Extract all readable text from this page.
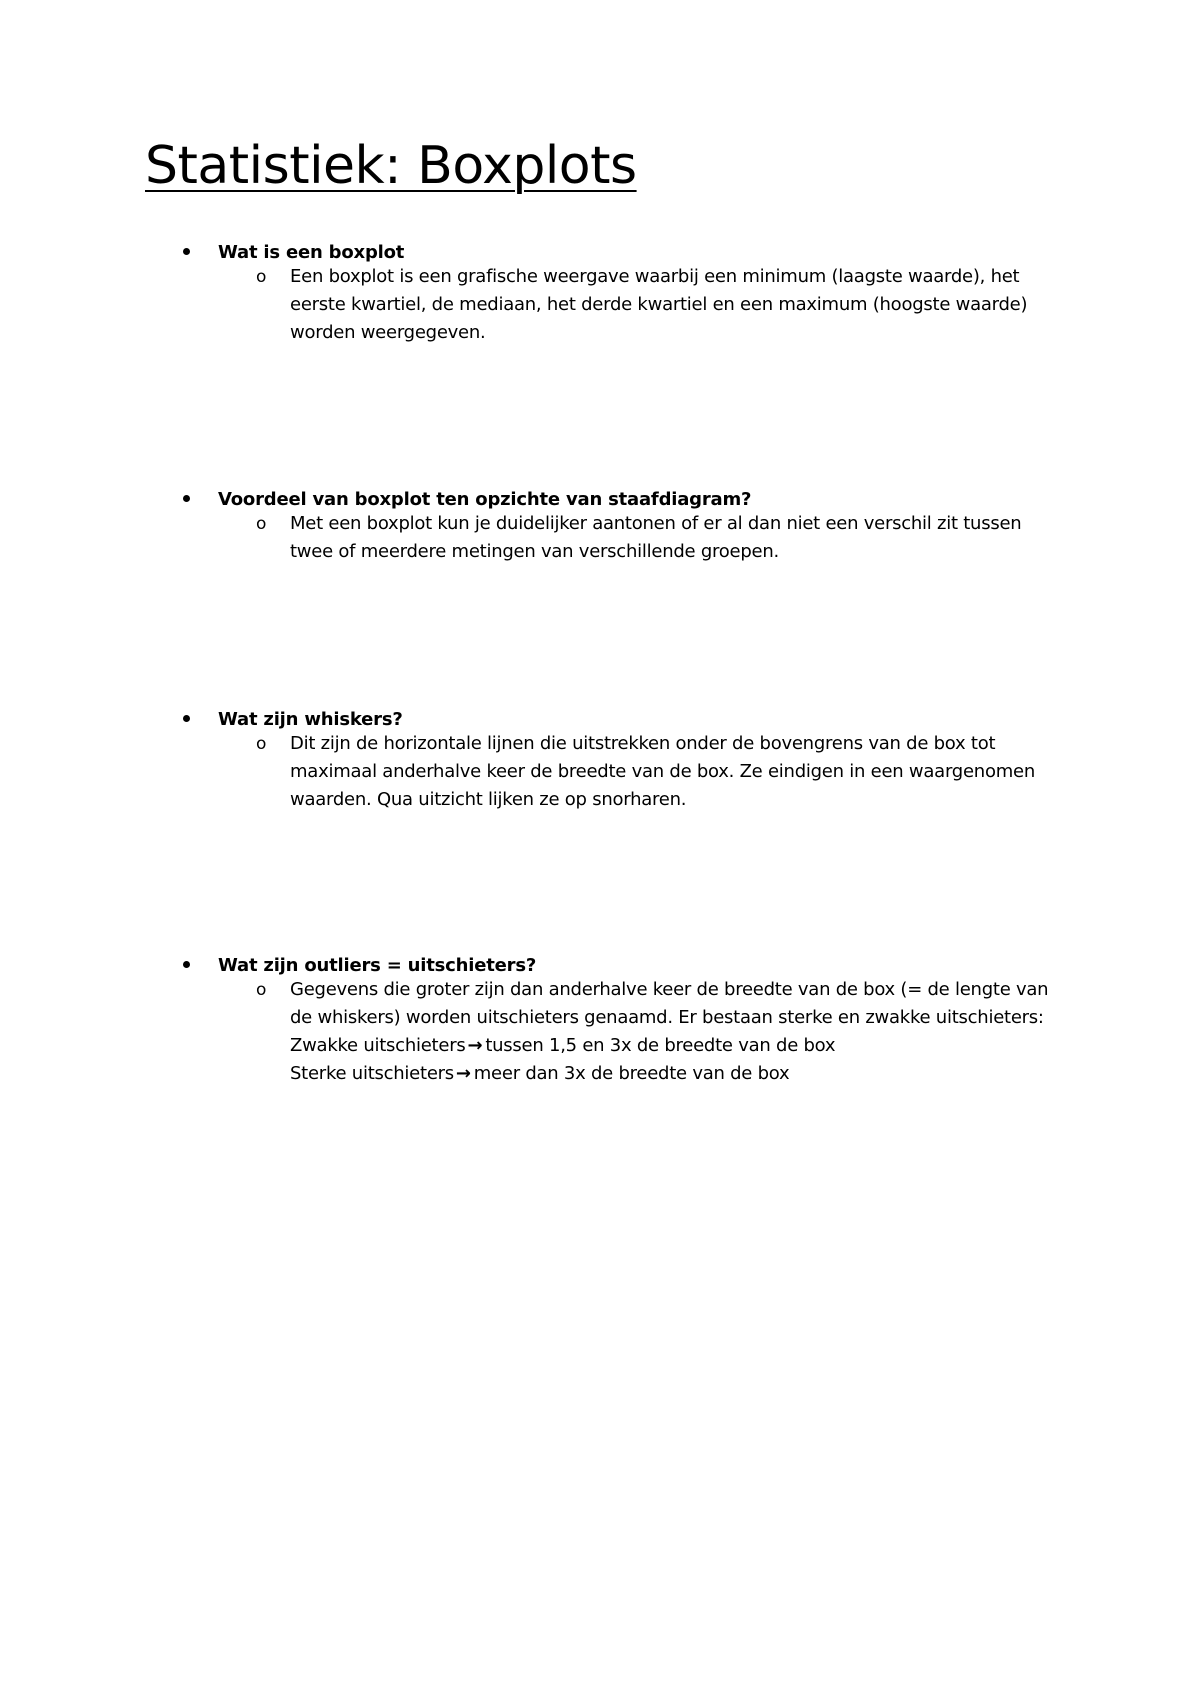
Statistiek: Boxplots
Wat is een boxplot
o Een boxplot is een grafische weergave waarbij een minimum (laagste waarde), het
eerste kwartiel, de mediaan, het derde kwartiel en een maximum (hoogste waarde)
worden weergegeven.
Voordeel van boxplot ten opzichte van staafdiagram?
o Met een boxplot kun je duidelijker aantonen of er al dan niet een verschil zit tussen
twee of meerdere metingen van verschillende groepen.
Wat zijn whiskers?
o Dit zijn de horizontale lijnen die uitstrekken onder de bovengrens van de box tot
maximaal anderhalve keer de breedte van de box. Ze eindigen in een waargenomen
waarden. Qua uitzicht lijken ze op snorharen.
Wat zijn outliers = uitschieters?
o Gegevens die groter zijn dan anderhalve keer de breedte van de box (= de lengte van
de whiskers) worden uitschieters genaamd. Er bestaan sterke en zwakke uitschieters:
Zwakke uitschieters → tussen 1,5 en 3x de breedte van de box
Sterke uitschieters → meer dan 3x de breedte van de box
